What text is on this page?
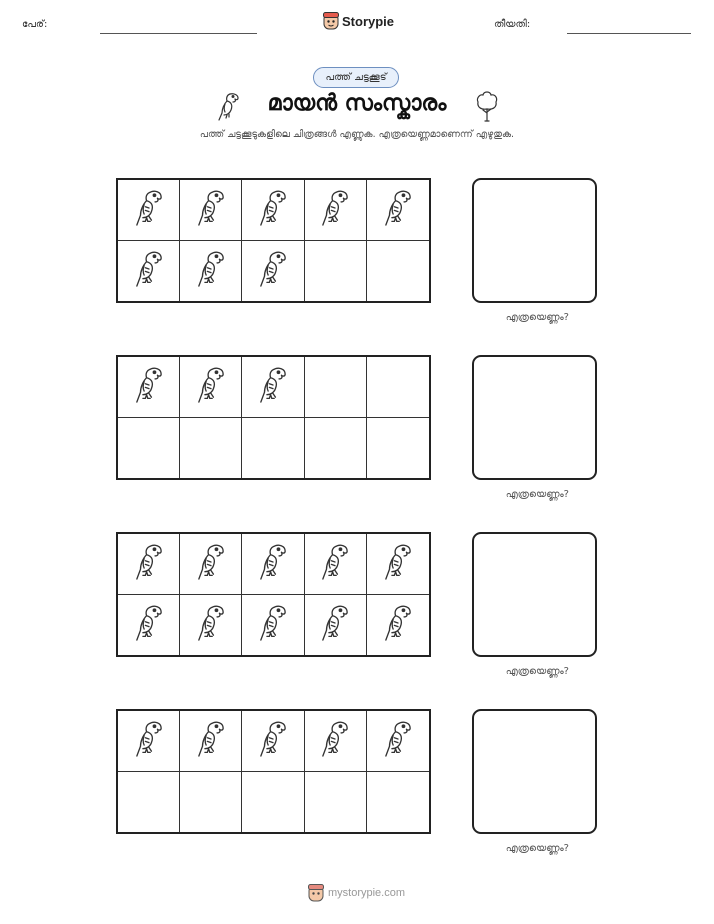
പേര്:	Storypie	തീയതി:
പത്ത് ചട്ടക്കൂട്
മായൻ സംസ്കാരം
പത്ത് ചട്ടക്കൂടുകളിലെ ചിത്രങ്ങൾ എണ്ണുക. എത്രയെണ്ണമാണെന്ന് എഴുതുക.
എത്രയെണ്ണം?
എത്രയെണ്ണം?
എത്രയെണ്ണം?
എത്രയെണ്ണം?
mystorypie.com
